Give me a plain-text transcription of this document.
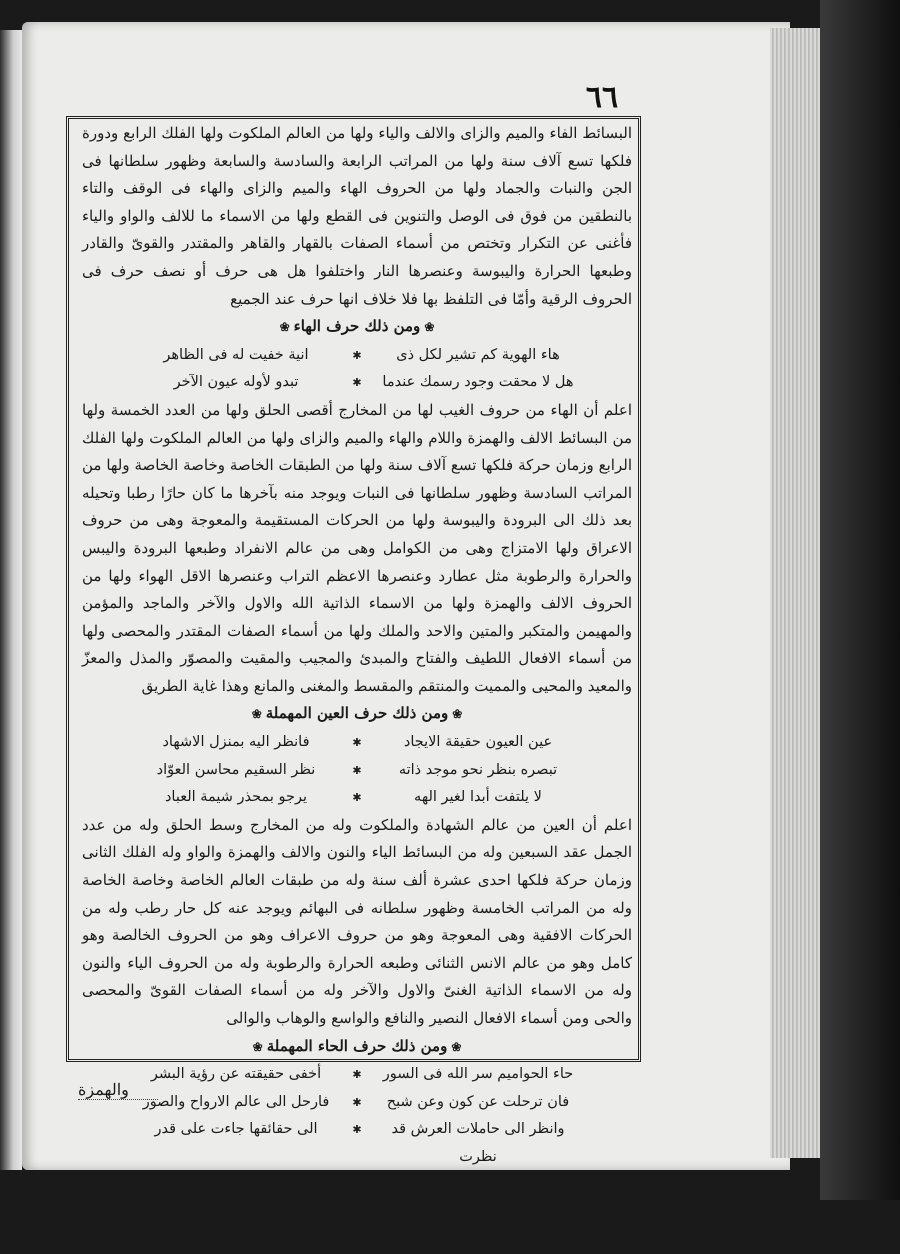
٦٦

البسائط الفاء والميم والزاى والالف والياء ولها من العالم الملكوت ولها الفلك الرابع ودورة فلكها تسع آلاف سنة ولها من المراتب الرابعة والسادسة والسابعة وظهور سلطانها فى الجن والنبات والجماد ولها من الحروف الهاء والميم والزاى والهاء فى الوقف والتاء بالنطقين من فوق فى الوصل والتنوين فى القطع ولها من الاسماء ما للالف والواو والياء فأغنى عن التكرار وتختص من أسماء الصفات بالقهار والقاهر والمقتدر والقوىّ والقادر وطبعها الحرارة واليبوسة وعنصرها النار واختلفوا هل هى حرف أو نصف حرف فى الحروف الرقية وأمّا فى التلفظ بها فلا خلاف انها حرف عند الجميع

❀ومن ذلك حرف الهاء❀

هاء الهوية كم تشير لكل ذى
✱
انية خفيت له فى الظاهر
هل لا محقت وجود رسمك عندما
✱
تبدو لأوله عيون الآخر

اعلم أن الهاء من حروف الغيب لها من المخارج أقصى الحلق ولها من العدد الخمسة ولها من البسائط الالف والهمزة واللام والهاء والميم والزاى ولها من العالم الملكوت ولها الفلك الرابع وزمان حركة فلكها تسع آلاف سنة ولها من الطبقات الخاصة وخاصة الخاصة ولها من المراتب السادسة وظهور سلطانها فى النبات ويوجد منه بآخرها ما كان حارًا رطبا وتحيله بعد ذلك الى البرودة واليبوسة ولها من الحركات المستقيمة والمعوجة وهى من حروف الاعراق ولها الامتزاج وهى من الكوامل وهى من عالم الانفراد وطبعها البرودة واليبس والحرارة والرطوبة مثل عطارد وعنصرها الاعظم التراب وعنصرها الاقل الهواء ولها من الحروف الالف والهمزة ولها من الاسماء الذاتية الله والاول والآخر والماجد والمؤمن والمهيمن والمتكبر والمتين والاحد والملك ولها من أسماء الصفات المقتدر والمحصى ولها من أسماء الافعال اللطيف والفتاح والمبدئ والمجيب والمقيت والمصوّر والمذل والمعزّ والمعيد والمحيى والمميت والمنتقم والمقسط والمغنى والمانع وهذا غاية الطريق

❀ومن ذلك حرف العين المهملة❀

عين العيون حقيقة الايجاد
✱
فانظر اليه بمنزل الاشهاد
تبصره بنظر نحو موجد ذاته
✱
نظر السقيم محاسن العوّاد
لا يلتفت أبدا لغير الهه
✱
يرجو بمحذر شيمة العباد

اعلم أن العين من عالم الشهادة والملكوت وله من المخارج وسط الحلق وله من عدد الجمل عقد السبعين وله من البسائط الياء والنون والالف والهمزة والواو وله الفلك الثانى وزمان حركة فلكها احدى عشرة ألف سنة وله من طبقات العالم الخاصة وخاصة الخاصة وله من المراتب الخامسة وظهور سلطانه فى البهائم ويوجد عنه كل حار رطب وله من الحركات الافقية وهى المعوجة وهو من حروف الاعراف وهو من الحروف الخالصة وهو كامل وهو من عالم الانس الثنائى وطبعه الحرارة والرطوبة وله من الحروف الياء والنون وله من الاسماء الذاتية الغنىّ والاول والآخر وله من أسماء الصفات القوىّ والمحصى والحى ومن أسماء الافعال النصير والنافع والواسع والوهاب والوالى

❀ومن ذلك حرف الحاء المهملة❀

حاء الحواميم سر الله فى السور
✱
أخفى حقيقته عن رؤية البشر
فان ترحلت عن كون وعن شبح
✱
فارحل الى عالم الارواح والصور
وانظر الى حاملات العرش قد نظرت
✱
الى حقائقها جاءت على قدر
تجد لحائك سلطانا وعزته
✱
أن لا يدانى ولا يخشى من الغير

اعلم أيها الولى ان الحاء من عالم الغيب وله من المخارج وسط الحلق وله من العدد الثمانية وله من البسائط الالف

والهمزة
